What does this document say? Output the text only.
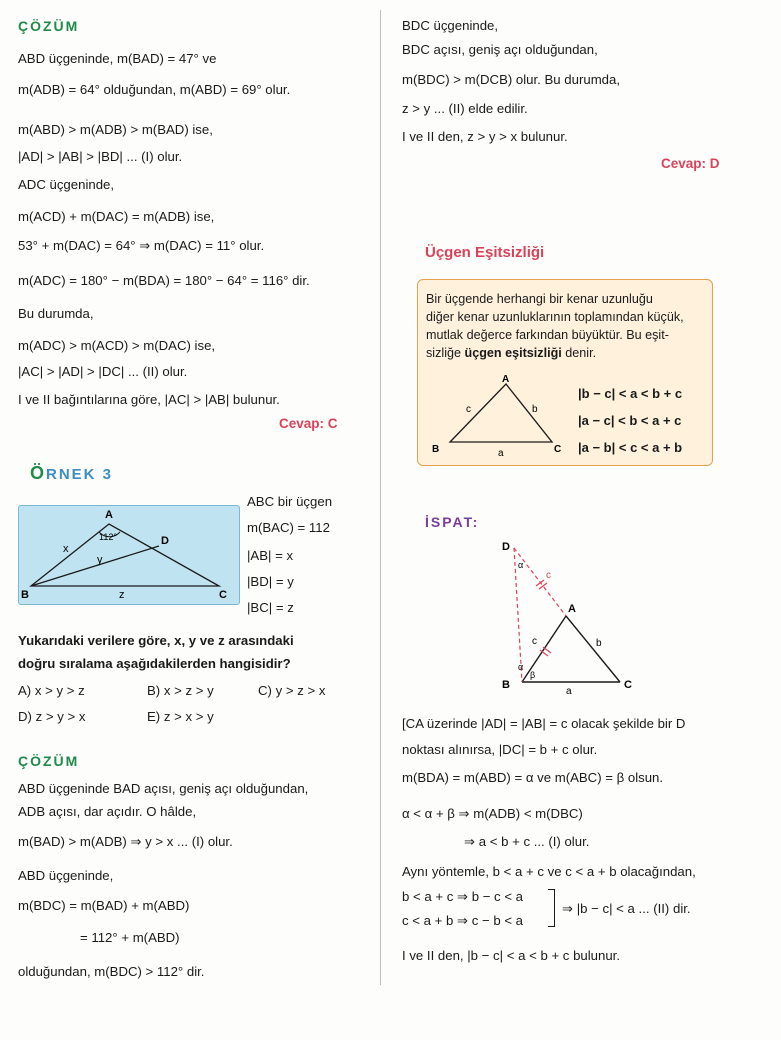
ÇÖZÜM
ABD üçgeninde, m(BAD) = 47° ve
m(ADB) = 64° olduğundan, m(ABD) = 69° olur.
m(ABD) > m(ADB) > m(BAD) ise,
|AD| > |AB| > |BD| ... (I) olur.
ADC üçgeninde,
m(ACD) + m(DAC) = m(ADB) ise,
53° + m(DAC) = 64° ⇒ m(DAC) = 11° olur.
m(ADC) = 180° − m(BDA) = 180° − 64° = 116° dir.
Bu durumda,
m(ADC) > m(ACD) > m(DAC) ise,
|AC| > |AD| > |DC| ... (II) olur.
I ve II bağıntılarına göre, |AC| > |AB| bulunur.
Cevap: C
ÖRNEK 3
A
B	C
D
x
y
z
112°
ABC bir üçgen
m(BAC) = 112
|AB| = x
|BD| = y
|BC| = z
Yukarıdaki verilere göre, x, y ve z arasındaki
doğru sıralama aşağıdakilerden hangisidir?
A) x > y > z	B) x > z > y	C) y > z > x
D) z > y > x	E) z > x > y
ÇÖZÜM
ABD üçgeninde BAD açısı, geniş açı olduğundan,
ADB açısı, dar açıdır. O hâlde,
m(BAD) > m(ADB) ⇒ y > x ... (I) olur.
ABD üçgeninde,
m(BDC) = m(BAD) + m(ABD)
= 112° + m(ABD)
olduğundan, m(BDC) > 112° dir.
BDC üçgeninde,
BDC açısı, geniş açı olduğundan,
m(BDC) > m(DCB) olur. Bu durumda,
z > y ... (II) elde edilir.
I ve II den, z > y > x bulunur.
Cevap: D
Üçgen Eşitsizliği
Bir üçgende herhangi bir kenar uzunluğu
diğer kenar uzunluklarının toplamından küçük,
mutlak değerce farkından büyüktür. Bu eşit-
sizliğe üçgen eşitsizliği denir.
A
B	C
a
b
c
|b − c| < a < b + c
|a − c| < b < a + c
|a − b| < c < a + b
İSPAT:
D
A
B	C
a
b
c
c
α
α
β
[CA üzerinde |AD| = |AB| = c olacak şekilde bir D
noktası alınırsa, |DC| = b + c olur.
m(BDA) = m(ABD) = α ve m(ABC) = β olsun.
α < α + β ⇒ m(ADB) < m(DBC)
⇒ a < b + c ... (I) olur.
Aynı yöntemle, b < a + c ve c < a + b olacağından,
b < a + c ⇒ b − c < a
c < a + b ⇒ c − b < a
⇒ |b − c| < a ... (II) dir.
I ve II den, |b − c| < a < b + c bulunur.
